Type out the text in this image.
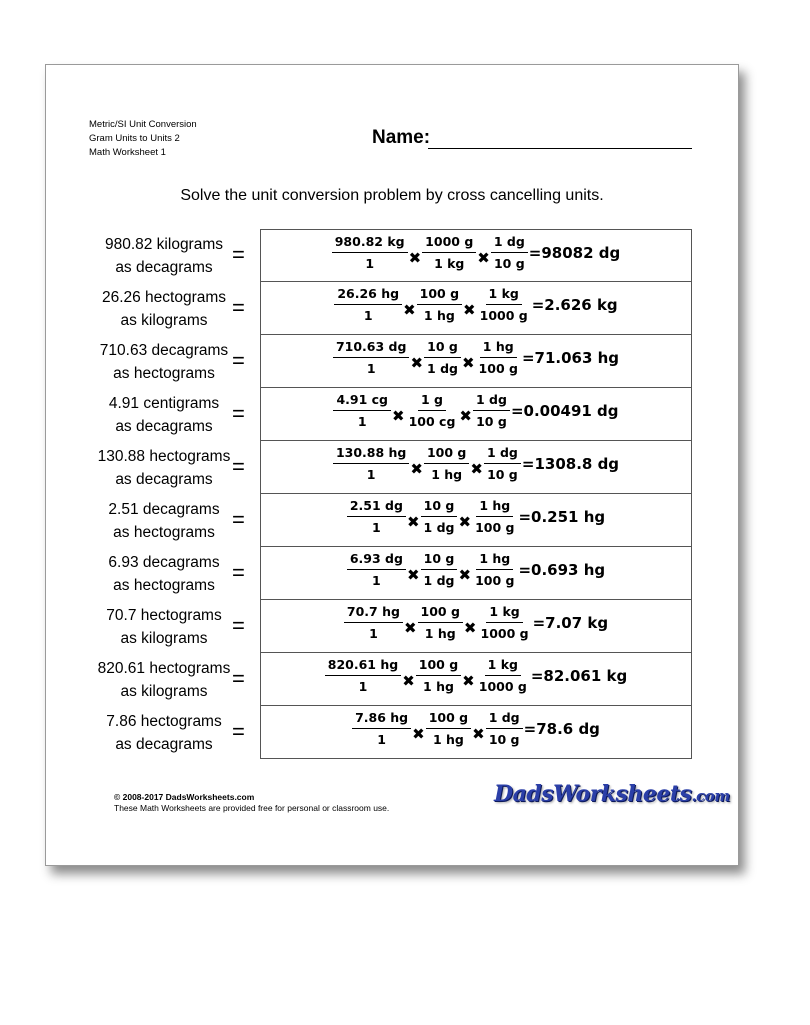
Metric/SI Unit Conversion
Gram Units to Units 2
Math Worksheet 1
Name:
Solve the unit conversion problem by cross cancelling units.
980.82 kilograms
as decagrams
=	$\frac{980.82 kg}{1}$ ✖ $\frac{1000 g}{1 kg}$ ✖ $\frac{1 dg}{10 g} =98082$ dg
26.26 hectograms
as kilograms
=	$\frac{26.26 hg}{1}$ ✖ $\frac{100 g}{1 hg}$ ✖ $\frac{1 kg}{1000 g} =2.626$ kg
710.63 decagrams
as hectograms
=	$\frac{710.63 dg}{1}$ ✖ $\frac{10 g}{1 dg}$ ✖ $\frac{1 hg}{100 g} =71.063$ hg
4.91 centigrams
as decagrams
=	$\frac{4.91 cg}{1}$ ✖ $\frac{1 g}{100 cg}$ ✖ $\frac{1 dg}{10 g} =0.00491$ dg
130.88 hectograms
as decagrams
=	$\frac{130.88 hg}{1}$ ✖ $\frac{100 g}{1 hg}$ ✖ $\frac{1 dg}{10 g} =1308.8$ dg
2.51 decagrams
as hectograms
=	$\frac{2.51 dg}{1}$ ✖ $\frac{10 g}{1 dg}$ ✖ $\frac{1 hg}{100 g} =0.251$ hg
6.93 decagrams
as hectograms
=	$\frac{6.93 dg}{1}$ ✖ $\frac{10 g}{1 dg}$ ✖ $\frac{1 hg}{100 g} =0.693$ hg
70.7 hectograms
as kilograms
=	$\frac{70.7 hg}{1}$ ✖ $\frac{100 g}{1 hg}$ ✖ $\frac{1 kg}{1000 g} =7.07$ kg
820.61 hectograms
as kilograms
=	$\frac{820.61 hg}{1}$ ✖ $\frac{100 g}{1 hg}$ ✖ $\frac{1 kg}{1000 g} =82.061$ kg
7.86 hectograms
as decagrams
=	$\frac{7.86 hg}{1}$ ✖ $\frac{100 g}{1 hg}$ ✖ $\frac{1 dg}{10 g} =78.6$ dg
© 2008-2017 DadsWorksheets.com
These Math Worksheets are provided free for personal or classroom use.
DadsWorksheets.com
